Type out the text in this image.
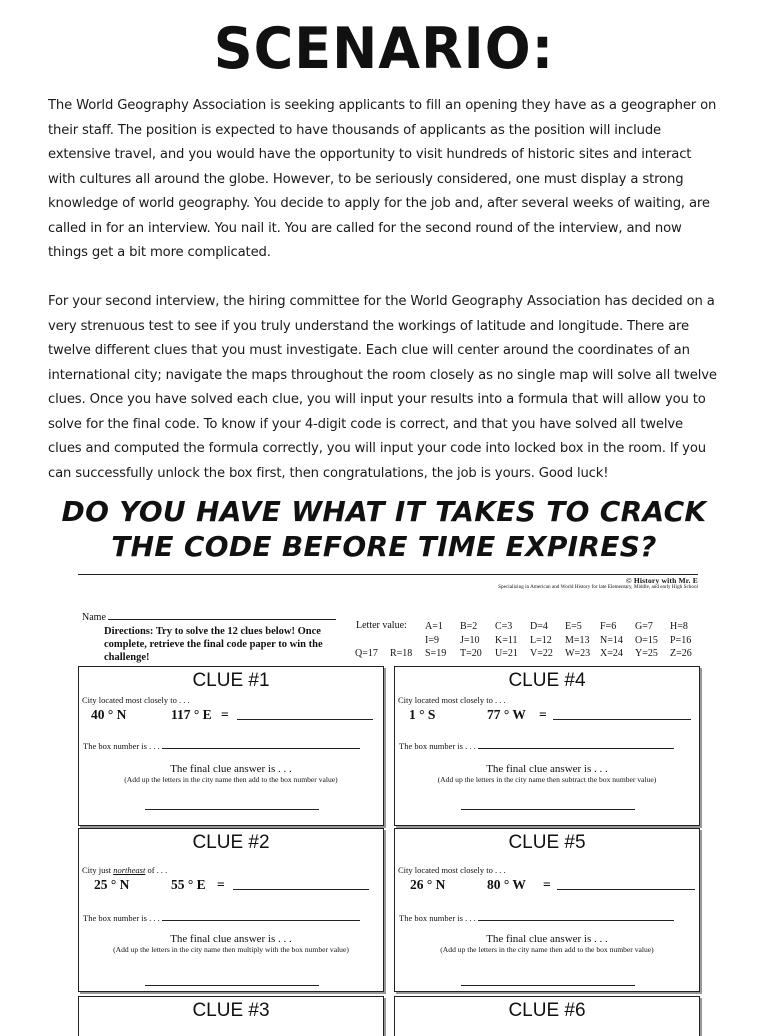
SCENARIO:

The World Geography Association is seeking applicants to fill an opening they have as a geographer on their staff. The position is expected to have thousands of applicants as the position will include extensive travel, and you would have the opportunity to visit hundreds of historic sites and interact with cultures all around the globe. However, to be seriously considered, one must display a strong knowledge of world geography. You decide to apply for the job and, after several weeks of waiting, are called in for an interview. You nail it. You are called for the second round of the interview, and now things get a bit more complicated.

For your second interview, the hiring committee for the World Geography Association has decided on a very strenuous test to see if you truly understand the workings of latitude and longitude. There are twelve different clues that you must investigate. Each clue will center around the coordinates of an international city; navigate the maps throughout the room closely as no single map will solve all twelve clues. Once you have solved each clue, you will input your results into a formula that will allow you to solve for the final code. To know if your 4-digit code is correct, and that you have solved all twelve clues and computed the formula correctly, you will input your code into locked box in the room. If you can successfully unlock the box first, then congratulations, the job is yours. Good luck!

DO YOU HAVE WHAT IT TAKES TO CRACK
THE CODE BEFORE TIME EXPIRES?
© History with Mr. E
Specializing in American and World History for late Elementary, Middle, and early High School
Name
Directions: Try to solve the 12 clues below! Once complete, retrieve the final code paper to win the challenge!
Letter value: A=1 B=2 C=3 D=4 E=5 F=6 G=7 H=8
I=9 J=10 K=11 L=12 M=13 N=14 O=15 P=16
Q=17 R=18 S=19 T=20 U=21 V=22 W=23 X=24 Y=25 Z=26
CLUE #1
City located most closely to . . .
40 ° N	117 ° E =
The box number is . . .
The final clue answer is . . .
(Add up the letters in the city name then add to the box number value)
CLUE #4
City located most closely to . . .
1 ° S	77 ° W =
The box number is . . .
The final clue answer is . . .
(Add up the letters in the city name then subtract the box number value)
CLUE #2
City just northeast of . . .
25 ° N	55 ° E =
The box number is . . .
The final clue answer is . . .
(Add up the letters in the city name then multiply with the box number value)
CLUE #5
City located most closely to . . .
26 ° N	80 ° W =
The box number is . . .
The final clue answer is . . .
(Add up the letters in the city name then add to the box number value)
CLUE #3	CLUE #6
